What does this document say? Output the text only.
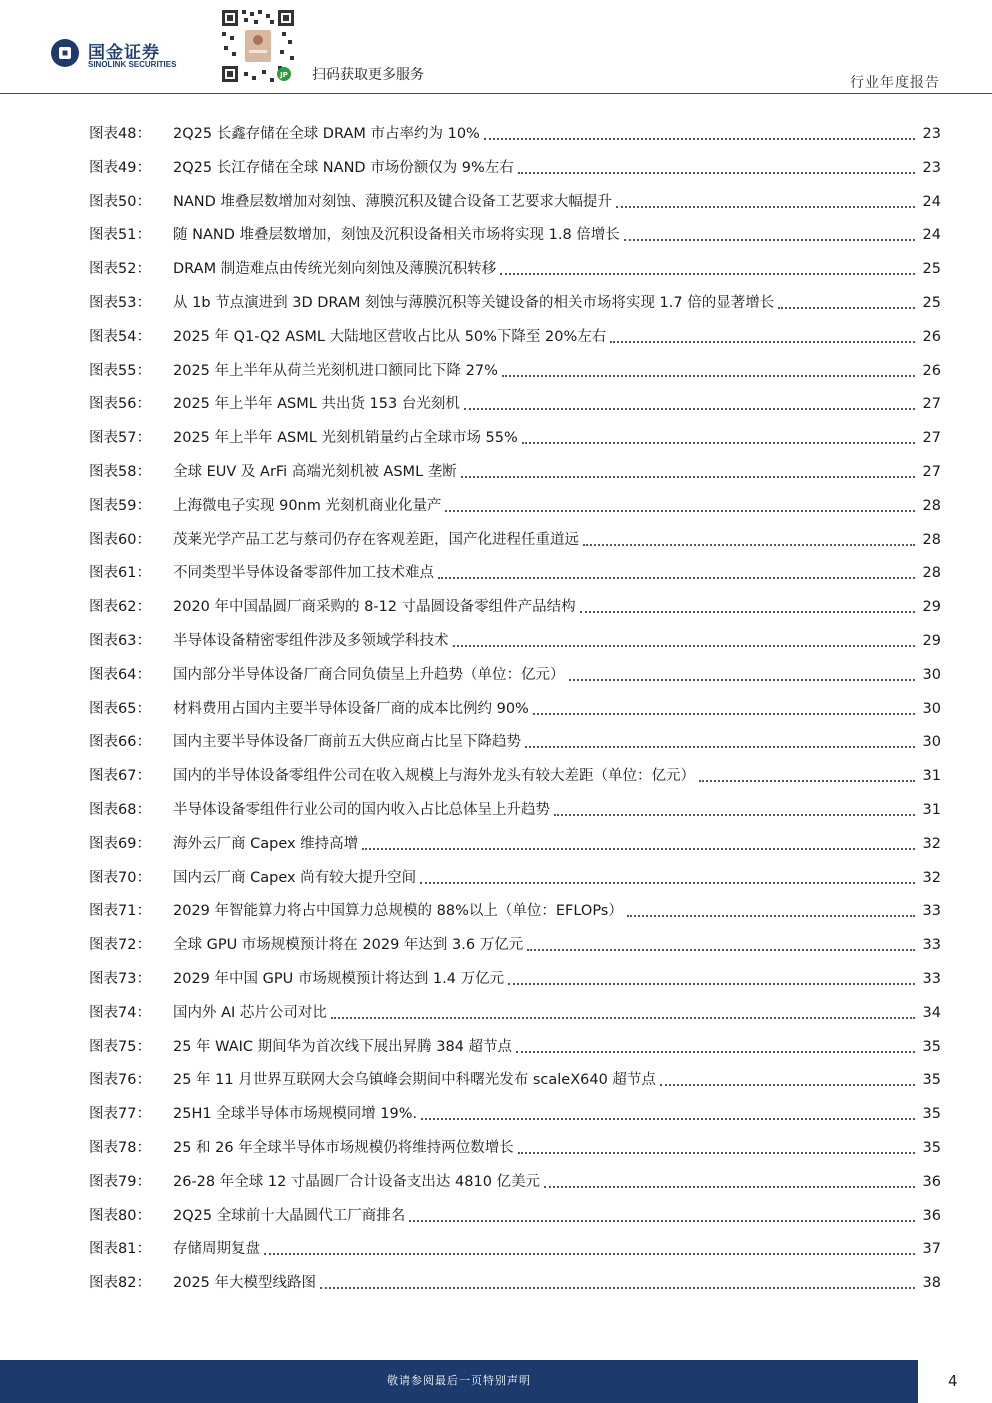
国金证券
SINOLINK SECURITIES
JP 扫码获取更多服务	行业年度报告
图表48：	2Q25 长鑫存储在全球 DRAM 市占率约为 10%	23
图表49：	2Q25 长江存储在全球 NAND 市场份额仅为 9%左右	23
图表50：	NAND 堆叠层数增加对刻蚀、薄膜沉积及键合设备工艺要求大幅提升	24
图表51：	随 NAND 堆叠层数增加，刻蚀及沉积设备相关市场将实现 1.8 倍增长	24
图表52：	DRAM 制造难点由传统光刻向刻蚀及薄膜沉积转移	25
图表53：	从 1b 节点演进到 3D DRAM 刻蚀与薄膜沉积等关键设备的相关市场将实现 1.7 倍的显著增长	25
图表54：	2025 年 Q1-Q2 ASML 大陆地区营收占比从 50%下降至 20%左右	26
图表55：	2025 年上半年从荷兰光刻机进口额同比下降 27%	26
图表56：	2025 年上半年 ASML 共出货 153 台光刻机	27
图表57：	2025 年上半年 ASML 光刻机销量约占全球市场 55%	27
图表58：	全球 EUV 及 ArFi 高端光刻机被 ASML 垄断	27
图表59：	上海微电子实现 90nm 光刻机商业化量产	28
图表60：	茂莱光学产品工艺与蔡司仍存在客观差距，国产化进程任重道远	28
图表61：	不同类型半导体设备零部件加工技术难点	28
图表62：	2020 年中国晶圆厂商采购的 8-12 寸晶圆设备零组件产品结构	29
图表63：	半导体设备精密零组件涉及多领域学科技术	29
图表64：	国内部分半导体设备厂商合同负债呈上升趋势（单位：亿元）	30
图表65：	材料费用占国内主要半导体设备厂商的成本比例约 90%	30
图表66：	国内主要半导体设备厂商前五大供应商占比呈下降趋势	30
图表67：	国内的半导体设备零组件公司在收入规模上与海外龙头有较大差距（单位：亿元）	31
图表68：	半导体设备零组件行业公司的国内收入占比总体呈上升趋势	31
图表69：	海外云厂商 Capex 维持高增	32
图表70：	国内云厂商 Capex 尚有较大提升空间	32
图表71：	2029 年智能算力将占中国算力总规模的 88%以上（单位：EFLOPs）	33
图表72：	全球 GPU 市场规模预计将在 2029 年达到 3.6 万亿元	33
图表73：	2029 年中国 GPU 市场规模预计将达到 1.4 万亿元	33
图表74：	国内外 AI 芯片公司对比	34
图表75：	25 年 WAIC 期间华为首次线下展出昇腾 384 超节点	35
图表76：	25 年 11 月世界互联网大会乌镇峰会期间中科曙光发布 scaleX640 超节点	35
图表77：	25H1 全球半导体市场规模同增 19%.	35
图表78：	25 和 26 年全球半导体市场规模仍将维持两位数增长	35
图表79：	26-28 年全球 12 寸晶圆厂合计设备支出达 4810 亿美元	36
图表80：	2Q25 全球前十大晶圆代工厂商排名	36
图表81：	存储周期复盘	37
图表82：	2025 年大模型线路图	38
敬请参阅最后一页特别声明	4
